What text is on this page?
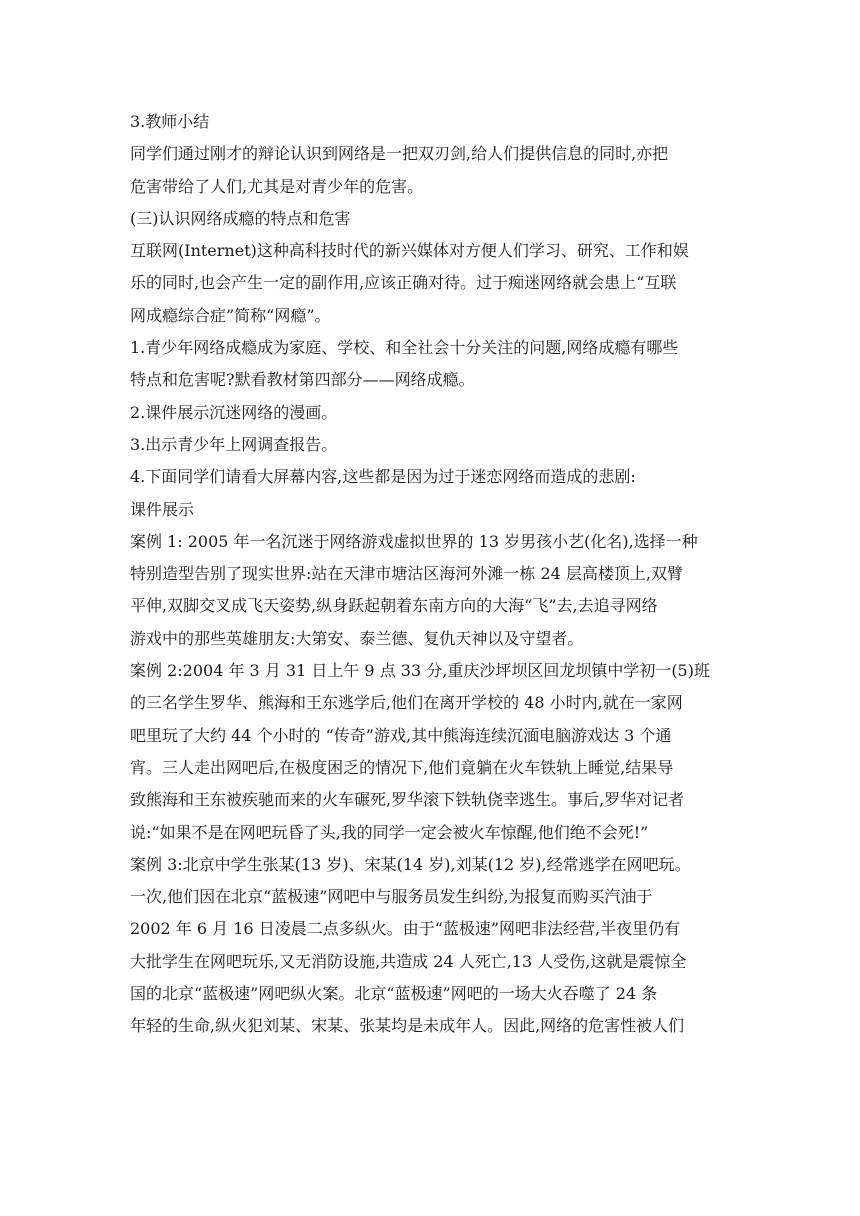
3.教师小结
同学们通过刚才的辩论认识到网络是一把双刃剑,给人们提供信息的同时,亦把
危害带给了人们,尤其是对青少年的危害。
(三)认识网络成瘾的特点和危害
互联网(Internet)这种高科技时代的新兴媒体对方便人们学习、研究、工作和娱
乐的同时,也会产生一定的副作用,应该正确对待。过于痴迷网络就会患上“互联
网成瘾综合症”简称“网瘾”。
1.青少年网络成瘾成为家庭、学校、和全社会十分关注的问题,网络成瘾有哪些
特点和危害呢?默看教材第四部分——网络成瘾。
2.课件展示沉迷网络的漫画。
3.出示青少年上网调查报告。
4.下面同学们请看大屏幕内容,这些都是因为过于迷恋网络而造成的悲剧:
课件展示
案例 1: 2005 年一名沉迷于网络游戏虚拟世界的 13 岁男孩小艺(化名),选择一种
特别造型告别了现实世界:站在天津市塘沽区海河外滩一栋 24 层高楼顶上,双臂
平伸,双脚交叉成飞天姿势,纵身跃起朝着东南方向的大海“飞”去,去追寻网络
游戏中的那些英雄朋友:大第安、泰兰德、复仇天神以及守望者。
案例 2:2004 年 3 月 31 日上午 9 点 33 分,重庆沙坪坝区回龙坝镇中学初一(5)班
的三名学生罗华、熊海和王东逃学后,他们在离开学校的 48 小时内,就在一家网
吧里玩了大约 44 个小时的 “传奇”游戏,其中熊海连续沉湎电脑游戏达 3 个通
宵。三人走出网吧后,在极度困乏的情况下,他们竟躺在火车铁轨上睡觉,结果导
致熊海和王东被疾驰而来的火车碾死,罗华滚下铁轨侥幸逃生。事后,罗华对记者
说:“如果不是在网吧玩昏了头,我的同学一定会被火车惊醒,他们绝不会死!”
案例 3:北京中学生张某(13 岁)、宋某(14 岁),刘某(12 岁),经常逃学在网吧玩。
一次,他们因在北京“蓝极速”网吧中与服务员发生纠纷,为报复而购买汽油于
2002 年 6 月 16 日凌晨二点多纵火。由于“蓝极速”网吧非法经营,半夜里仍有
大批学生在网吧玩乐,又无消防设施,共造成 24 人死亡,13 人受伤,这就是震惊全
国的北京“蓝极速”网吧纵火案。北京“蓝极速”网吧的一场大火吞噬了 24 条
年轻的生命,纵火犯刘某、宋某、张某均是未成年人。因此,网络的危害性被人们
